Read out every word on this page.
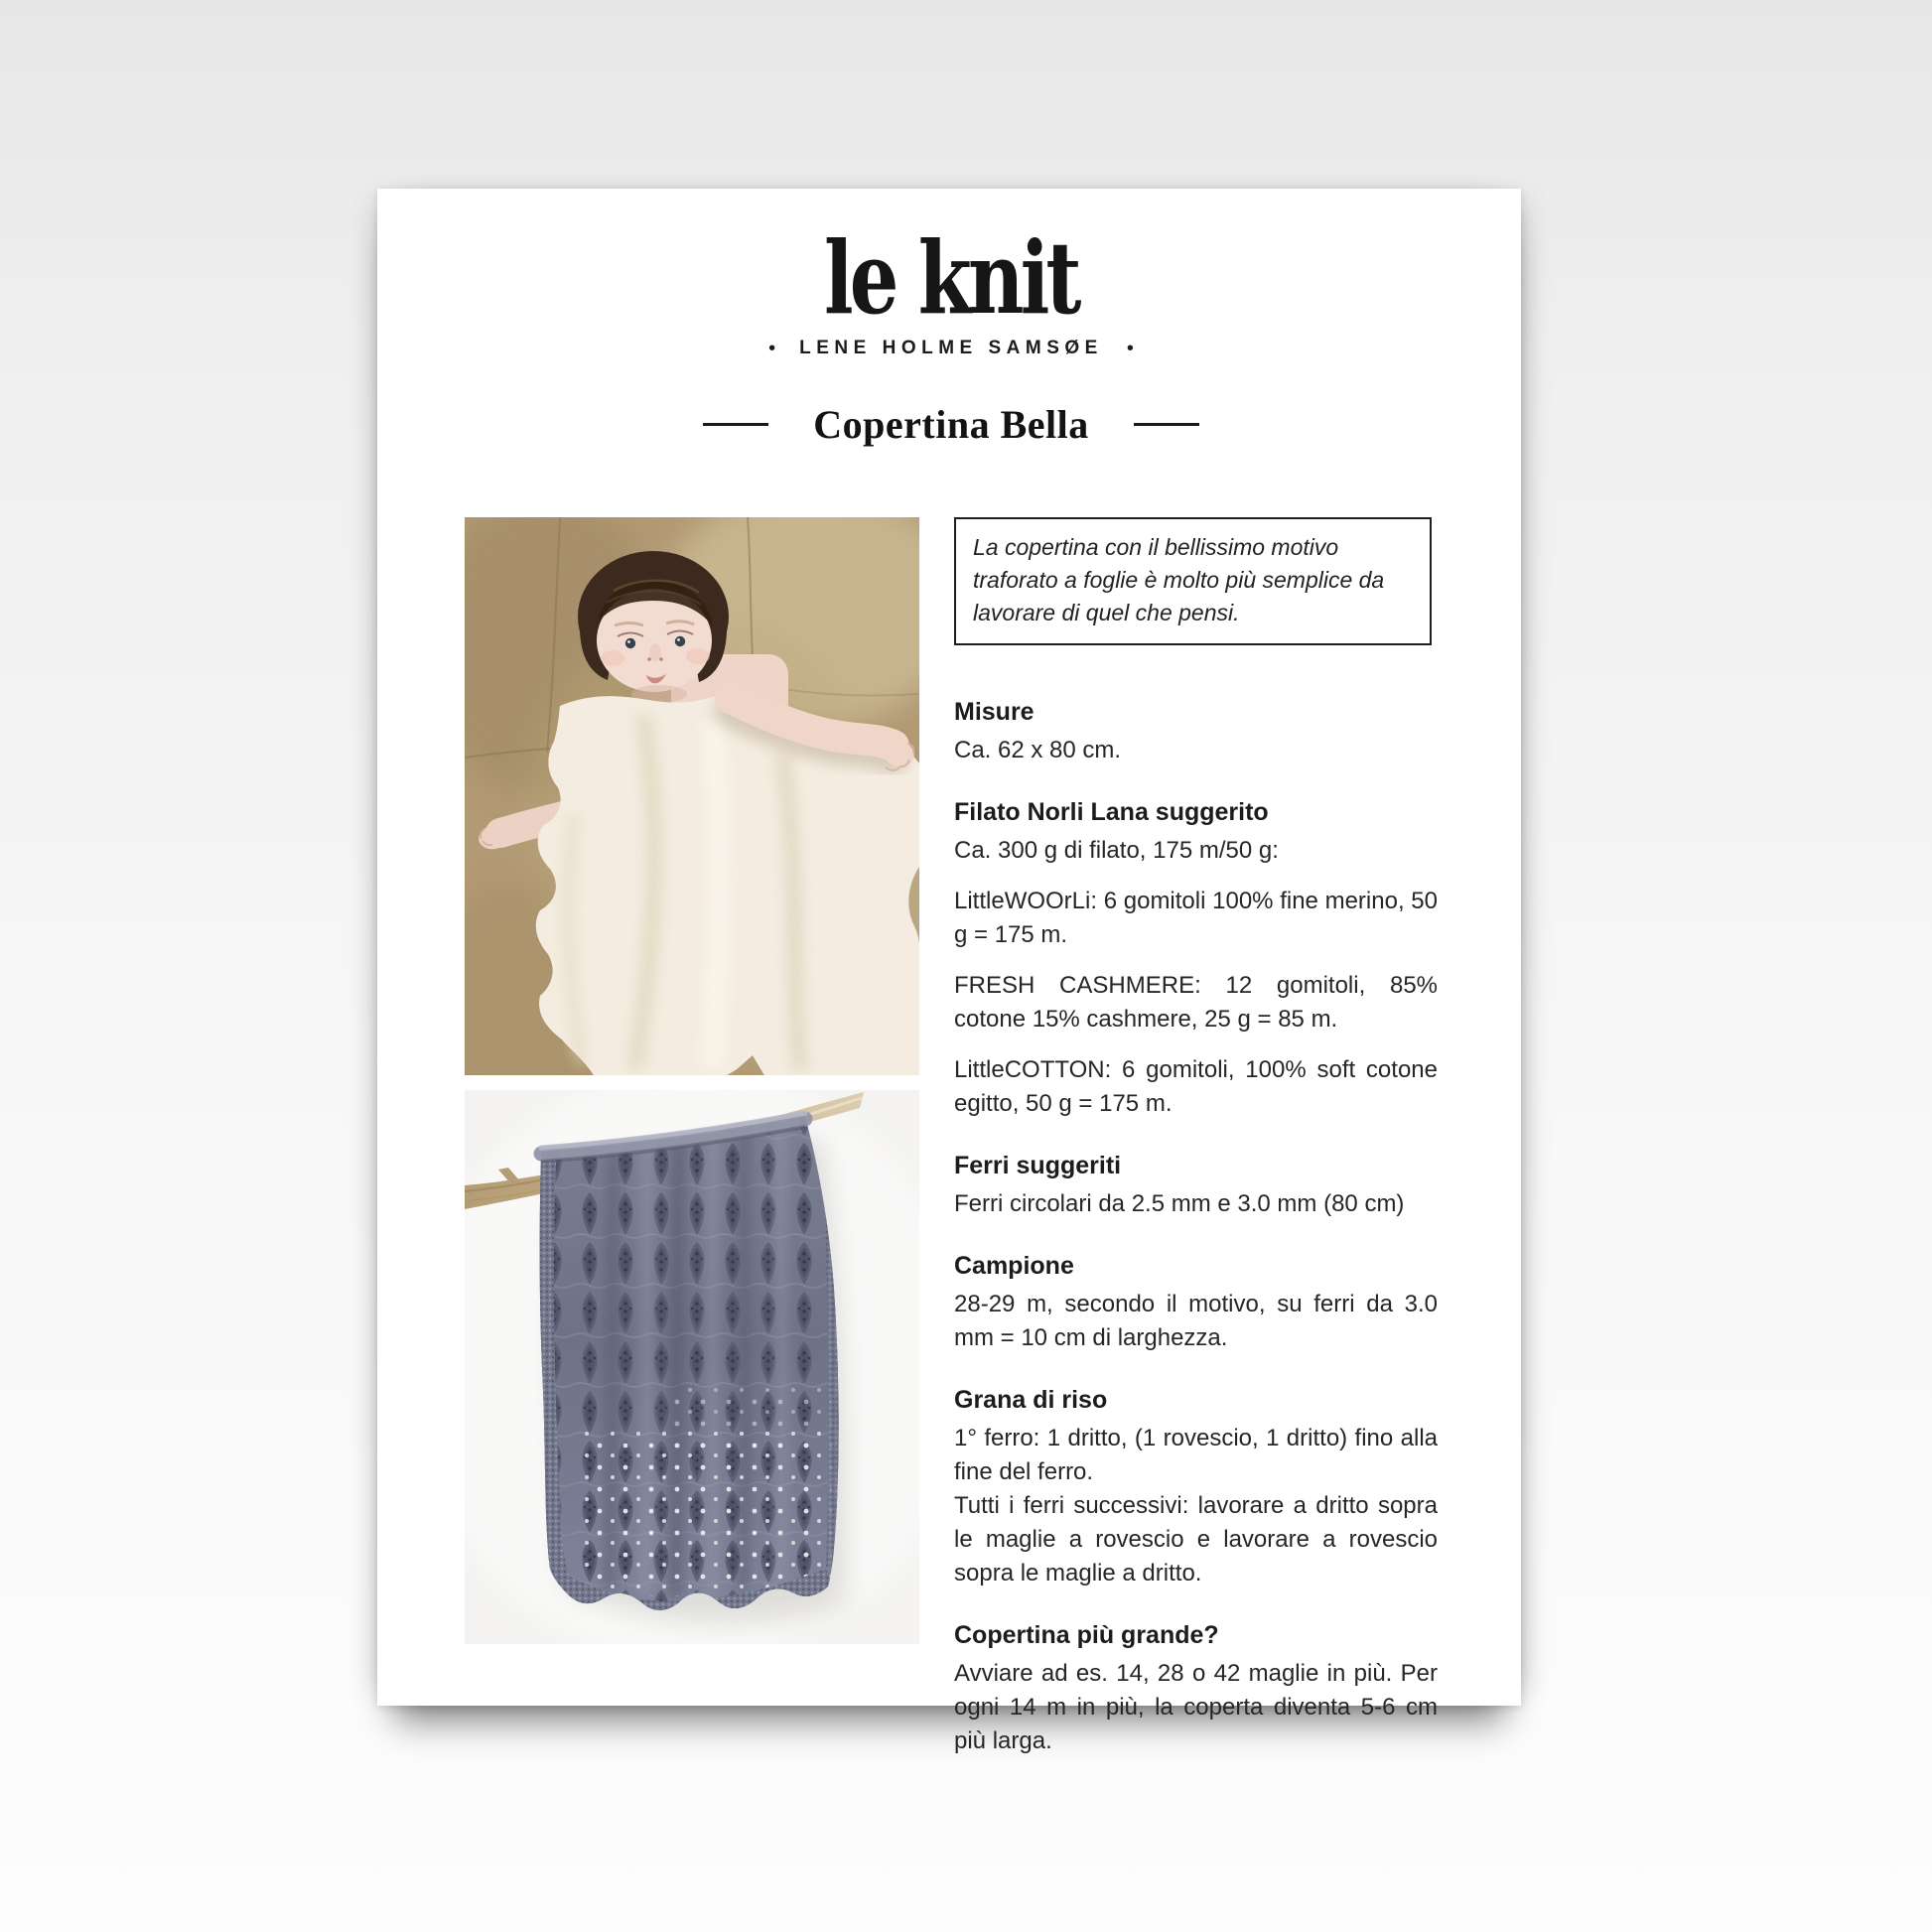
le knit
• LENE HOLME SAMSØE •
Copertina Bella

La copertina con il bellissimo motivo traforato a foglie è molto più semplice da lavorare di quel che pensi.

Misure

Ca. 62 x 80 cm.

Filato Norli Lana suggerito

Ca. 300 g di filato, 175 m/50 g:

LittleWOOrLi: 6 gomitoli 100% fine merino, 50 g = 175 m.

FRESH CASHMERE: 12 gomitoli, 85% cotone 15% cashmere, 25 g = 85 m.

LittleCOTTON: 6 gomitoli, 100% soft cotone egitto, 50 g = 175 m.

Ferri suggeriti

Ferri circolari da 2.5 mm e 3.0 mm (80 cm)

Campione

28-29 m, secondo il motivo, su ferri da 3.0 mm = 10 cm di larghezza.

Grana di riso

1° ferro: 1 dritto, (1 rovescio, 1 dritto) fino alla fine del ferro.

Tutti i ferri successivi: lavorare a dritto sopra le maglie a rovescio e lavorare a rovescio sopra le maglie a dritto.

Copertina più grande?

Avviare ad es. 14, 28 o 42 maglie in più. Per ogni 14 m in più, la coperta diventa 5-6 cm più larga.
